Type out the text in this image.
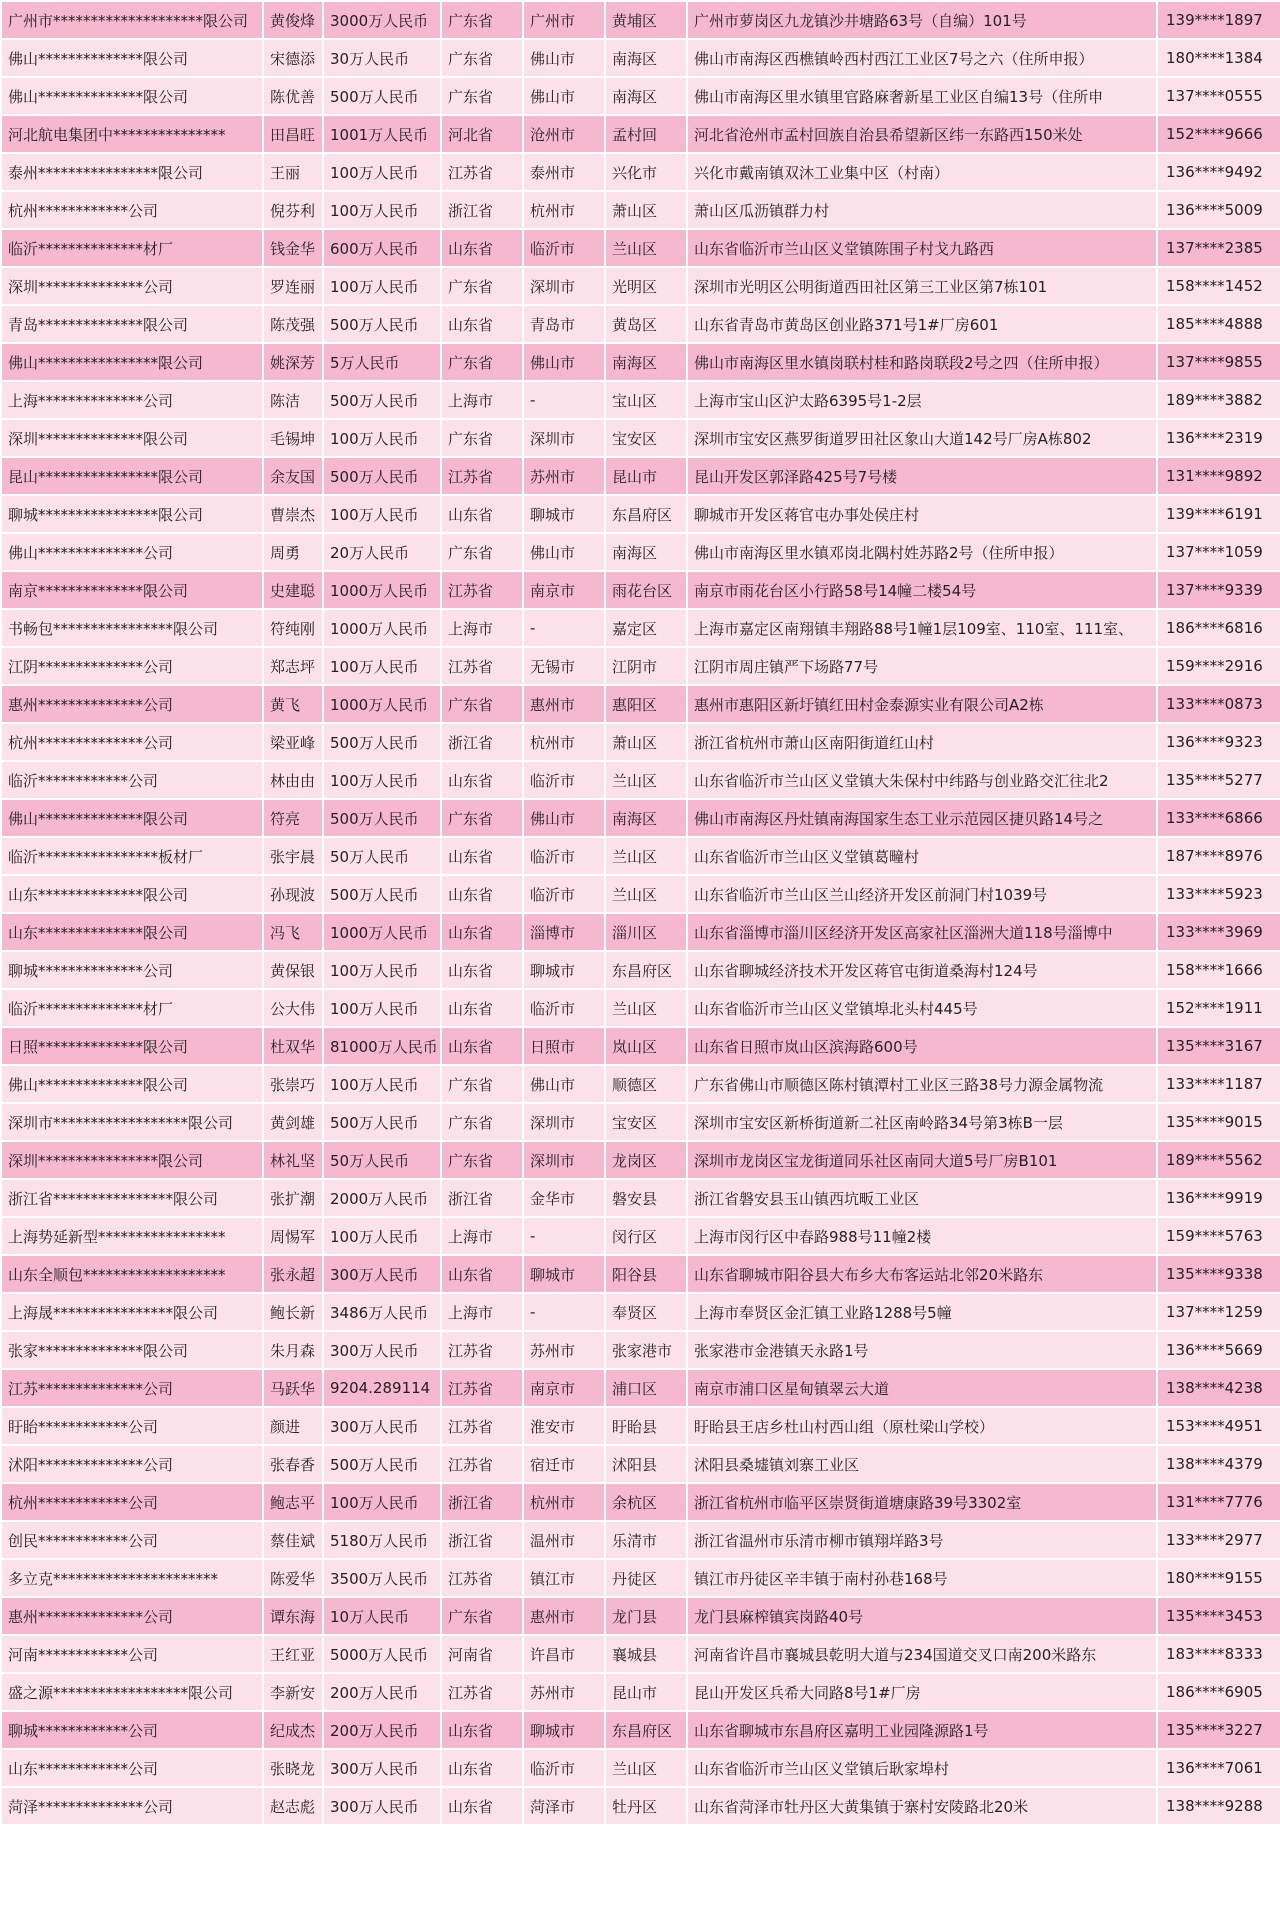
广州市********************限公司	黄俊烽	3000万人民币	广东省	广州市	黄埔区	广州市萝岗区九龙镇沙井塘路63号（自编）101号	139****1897
佛山**************限公司	宋德添	30万人民币	广东省	佛山市	南海区	佛山市南海区西樵镇岭西村西江工业区7号之六（住所申报）	180****1384
佛山**************限公司	陈优善	500万人民币	广东省	佛山市	南海区	佛山市南海区里水镇里官路麻奢新星工业区自编13号（住所申	137****0555
河北航电集团中***************	田昌旺	1001万人民币	河北省	沧州市	孟村回	河北省沧州市孟村回族自治县希望新区纬一东路西150米处	152****9666
泰州****************限公司	王丽	100万人民币	江苏省	泰州市	兴化市	兴化市戴南镇双沐工业集中区（村南）	136****9492
杭州************公司	倪芬利	100万人民币	浙江省	杭州市	萧山区	萧山区瓜沥镇群力村	136****5009
临沂**************材厂	钱金华	600万人民币	山东省	临沂市	兰山区	山东省临沂市兰山区义堂镇陈围子村戈九路西	137****2385
深圳**************公司	罗连丽	100万人民币	广东省	深圳市	光明区	深圳市光明区公明街道西田社区第三工业区第7栋101	158****1452
青岛**************限公司	陈茂强	500万人民币	山东省	青岛市	黄岛区	山东省青岛市黄岛区创业路371号1#厂房601	185****4888
佛山****************限公司	姚深芳	5万人民币	广东省	佛山市	南海区	佛山市南海区里水镇岗联村桂和路岗联段2号之四（住所申报）	137****9855
上海**************公司	陈洁	500万人民币	上海市	-	宝山区	上海市宝山区沪太路6395号1-2层	189****3882
深圳**************限公司	毛锡坤	100万人民币	广东省	深圳市	宝安区	深圳市宝安区燕罗街道罗田社区象山大道142号厂房A栋802	136****2319
昆山****************限公司	余友国	500万人民币	江苏省	苏州市	昆山市	昆山开发区郭泽路425号7号楼	131****9892
聊城****************限公司	曹崇杰	100万人民币	山东省	聊城市	东昌府区	聊城市开发区蒋官屯办事处侯庄村	139****6191
佛山**************公司	周勇	20万人民币	广东省	佛山市	南海区	佛山市南海区里水镇邓岗北隅村姓苏路2号（住所申报）	137****1059
南京**************限公司	史建聪	1000万人民币	江苏省	南京市	雨花台区	南京市雨花台区小行路58号14幢二楼54号	137****9339
书畅包****************限公司	符纯刚	1000万人民币	上海市	-	嘉定区	上海市嘉定区南翔镇丰翔路88号1幢1层109室、110室、111室、	186****6816
江阴**************公司	郑志坪	100万人民币	江苏省	无锡市	江阴市	江阴市周庄镇严下场路77号	159****2916
惠州**************公司	黄飞	1000万人民币	广东省	惠州市	惠阳区	惠州市惠阳区新圩镇红田村金泰源实业有限公司A2栋	133****0873
杭州**************公司	梁亚峰	500万人民币	浙江省	杭州市	萧山区	浙江省杭州市萧山区南阳街道红山村	136****9323
临沂************公司	林由由	100万人民币	山东省	临沂市	兰山区	山东省临沂市兰山区义堂镇大朱保村中纬路与创业路交汇往北2	135****5277
佛山**************限公司	符亮	500万人民币	广东省	佛山市	南海区	佛山市南海区丹灶镇南海国家生态工业示范园区捷贝路14号之	133****6866
临沂****************板材厂	张宇晨	50万人民币	山东省	临沂市	兰山区	山东省临沂市兰山区义堂镇葛疃村	187****8976
山东**************限公司	孙现波	500万人民币	山东省	临沂市	兰山区	山东省临沂市兰山区兰山经济开发区前洞门村1039号	133****5923
山东**************限公司	冯飞	1000万人民币	山东省	淄博市	淄川区	山东省淄博市淄川区经济开发区高家社区淄洲大道118号淄博中	133****3969
聊城**************公司	黄保银	100万人民币	山东省	聊城市	东昌府区	山东省聊城经济技术开发区蒋官屯街道桑海村124号	158****1666
临沂**************材厂	公大伟	100万人民币	山东省	临沂市	兰山区	山东省临沂市兰山区义堂镇埠北头村445号	152****1911
日照**************限公司	杜双华	81000万人民币	山东省	日照市	岚山区	山东省日照市岚山区滨海路600号	135****3167
佛山**************限公司	张崇巧	100万人民币	广东省	佛山市	顺德区	广东省佛山市顺德区陈村镇潭村工业区三路38号力源金属物流	133****1187
深圳市******************限公司	黄剑雄	500万人民币	广东省	深圳市	宝安区	深圳市宝安区新桥街道新二社区南岭路34号第3栋B一层	135****9015
深圳****************限公司	林礼坚	50万人民币	广东省	深圳市	龙岗区	深圳市龙岗区宝龙街道同乐社区南同大道5号厂房B101	189****5562
浙江省****************限公司	张扩潮	2000万人民币	浙江省	金华市	磐安县	浙江省磐安县玉山镇西坑畈工业区	136****9919
上海势延新型*****************	周惕军	100万人民币	上海市	-	闵行区	上海市闵行区中春路988号11幢2楼	159****5763
山东全顺包*******************	张永超	300万人民币	山东省	聊城市	阳谷县	山东省聊城市阳谷县大布乡大布客运站北邻20米路东	135****9338
上海晟****************限公司	鲍长新	3486万人民币	上海市	-	奉贤区	上海市奉贤区金汇镇工业路1288号5幢	137****1259
张家**************限公司	朱月森	300万人民币	江苏省	苏州市	张家港市	张家港市金港镇天永路1号	136****5669
江苏**************公司	马跃华	9204.289114	江苏省	南京市	浦口区	南京市浦口区星甸镇翠云大道	138****4238
盱眙************公司	颜进	300万人民币	江苏省	淮安市	盱眙县	盱眙县王店乡杜山村西山组（原杜梁山学校）	153****4951
沭阳**************公司	张春香	500万人民币	江苏省	宿迁市	沭阳县	沭阳县桑墟镇刘寨工业区	138****4379
杭州************公司	鲍志平	100万人民币	浙江省	杭州市	余杭区	浙江省杭州市临平区崇贤街道塘康路39号3302室	131****7776
创民************公司	蔡佳斌	5180万人民币	浙江省	温州市	乐清市	浙江省温州市乐清市柳市镇翔垟路3号	133****2977
多立克**********************	陈爱华	3500万人民币	江苏省	镇江市	丹徒区	镇江市丹徒区辛丰镇于南村孙巷168号	180****9155
惠州**************公司	谭东海	10万人民币	广东省	惠州市	龙门县	龙门县麻榨镇宾岗路40号	135****3453
河南************公司	王红亚	5000万人民币	河南省	许昌市	襄城县	河南省许昌市襄城县乾明大道与234国道交叉口南200米路东	183****8333
盛之源******************限公司	李新安	200万人民币	江苏省	苏州市	昆山市	昆山开发区兵希大同路8号1#厂房	186****6905
聊城************公司	纪成杰	200万人民币	山东省	聊城市	东昌府区	山东省聊城市东昌府区嘉明工业园隆源路1号	135****3227
山东************公司	张晓龙	300万人民币	山东省	临沂市	兰山区	山东省临沂市兰山区义堂镇后耿家埠村	136****7061
菏泽**************公司	赵志彪	300万人民币	山东省	菏泽市	牡丹区	山东省菏泽市牡丹区大黄集镇于寨村安陵路北20米	138****9288
